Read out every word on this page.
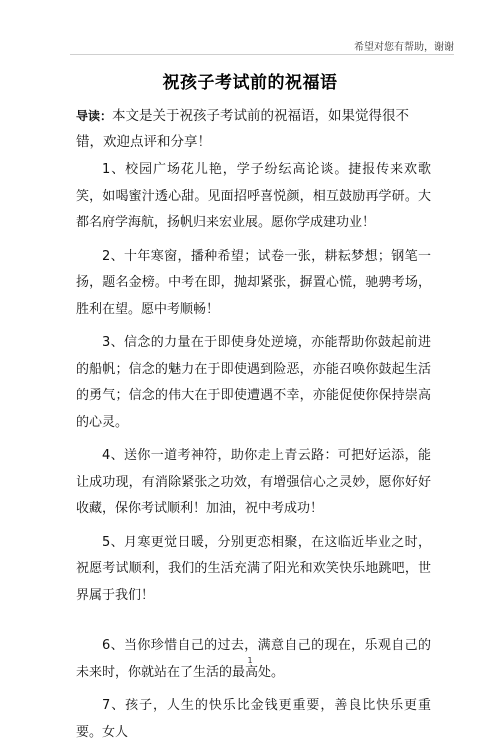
希望对您有帮助，谢谢
祝孩子考试前的祝福语

导读：本文是关于祝孩子考试前的祝福语，如果觉得很不错，欢迎点评和分享！

1、校园广场花儿艳，学子纷纭高论谈。捷报传来欢歌笑，如喝蜜汁透心甜。见面招呼喜悦颜，相互鼓励再学研。大都名府学海航，扬帆归来宏业展。愿你学成建功业！

2、十年寒窗，播种希望；试卷一张，耕耘梦想；钢笔一扬，题名金榜。中考在即，抛却紧张，摒置心慌，驰骋考场，胜利在望。愿中考顺畅！

3、信念的力量在于即使身处逆境，亦能帮助你鼓起前进的船帆；信念的魅力在于即使遇到险恶，亦能召唤你鼓起生活的勇气；信念的伟大在于即使遭遇不幸，亦能促使你保持崇高的心灵。

4、送你一道考神符，助你走上青云路：可把好运添，能让成功现，有消除紧张之功效，有增强信心之灵妙，愿你好好收藏，保你考试顺利！加油，祝中考成功！

5、月寒更觉日暖，分别更恋相聚，在这临近毕业之时，祝愿考试顺利，我们的生活充满了阳光和欢笑快乐地跳吧，世界属于我们！

6、当你珍惜自己的过去，满意自己的现在，乐观自己的未来时，你就站在了生活的最高处。

7、孩子，人生的快乐比金钱更重要，善良比快乐更重要。女人

1
